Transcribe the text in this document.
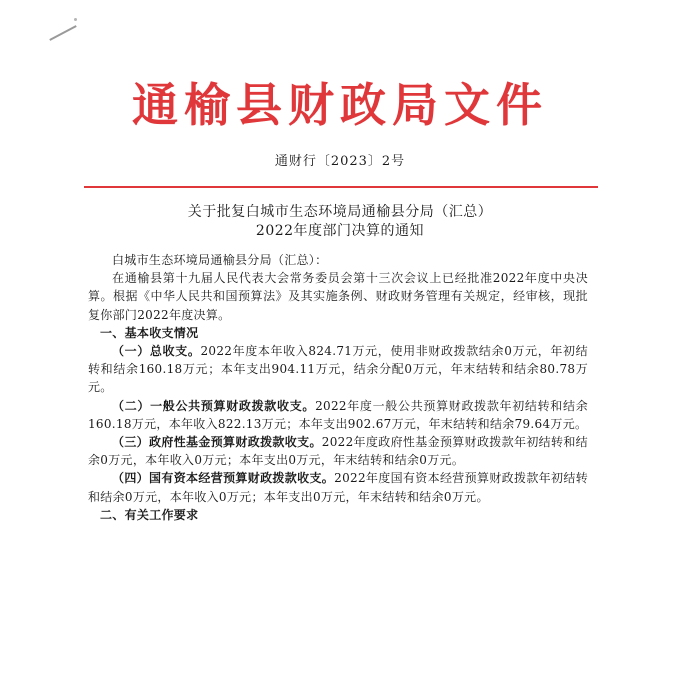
通榆县财政局文件
通财行〔2023〕2号
关于批复白城市生态环境局通榆县分局（汇总）
2022年度部门决算的通知

白城市生态环境局通榆县分局（汇总）：

在通榆县第十九届人民代表大会常务委员会第十三次会议上已经批准2022年度中央决算。根据《中华人民共和国预算法》及其实施条例、财政财务管理有关规定，经审核，现批复你部门2022年度决算。

一、基本收支情况

（一）总收支。2022年度本年收入824.71万元，使用非财政拨款结余0万元，年初结转和结余160.18万元；本年支出904.11万元，结余分配0万元，年末结转和结余80.78万元。

（二）一般公共预算财政拨款收支。2022年度一般公共预算财政拨款年初结转和结余160.18万元，本年收入822.13万元；本年支出902.67万元，年末结转和结余79.64万元。

（三）政府性基金预算财政拨款收支。2022年度政府性基金预算财政拨款年初结转和结余0万元，本年收入0万元；本年支出0万元，年末结转和结余0万元。

（四）国有资本经营预算财政拨款收支。2022年度国有资本经营预算财政拨款年初结转和结余0万元，本年收入0万元；本年支出0万元，年末结转和结余0万元。

二、有关工作要求
